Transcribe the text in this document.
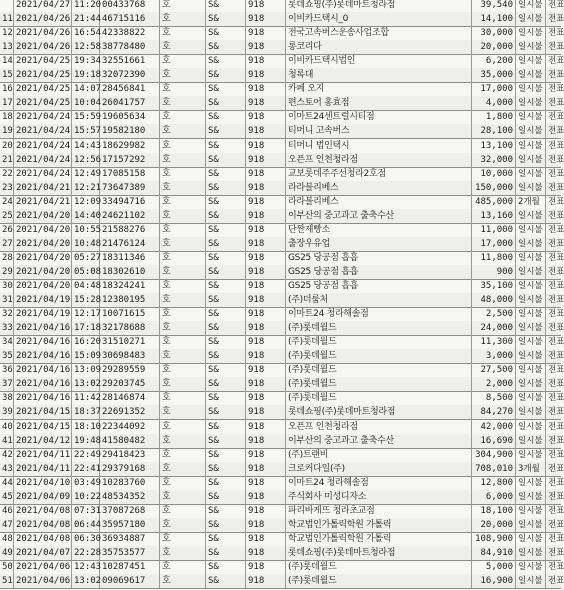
2021/04/27 11:20 00433768	호	S&	918	롯데쇼핑(주)롯데마트청라점	39,540 일시불 전표
11 2021/04/26 21:44 46715116	호	S&	918	이비카드택시_0	14,100 일시불 전표
12 2021/04/26 16:54 42338822	호	S&	918	전국고속버스운송사업조합	30,000 일시불 전표
13 2021/04/26 12:58 38778480	호	S&	918	롱코리다	20,000 일시불 전표
14 2021/04/25 19:34 32551661	호	S&	918	이비카드택시법인	6,200 일시불 전표
15 2021/04/25 19:18 32072390	호	S&	918	청록대	35,000 일시불 전표
16 2021/04/25 14:07 28456841	호	S&	918	카페 오지	17,000 일시불 전표
17 2021/04/25 10:04 26041757	호	S&	918	편스토어 홍효점	4,000 일시불 전표
18 2021/04/24 15:59 19605634	호	S&	918	이마트24센트럴시티점	1,800 일시불 전표
19 2021/04/24 15:57 19582180	호	S&	918	티머니 고속버스	28,100 일시불 전표
20 2021/04/24 14:43 18629982	호	S&	918	티머니 법인택시	13,100 일시불 전표
21 2021/04/24 12:56 17157292	호	S&	918	오픈프 인천청라점	32,000 일시불 전표
22 2021/04/24 12:49 17085158	호	S&	918	교보롯데주주선청라2호점	10,000 일시불 전표
23 2021/04/21 12:21 73647389	호	S&	918	라라블리베스	150,000 일시불 전표
24 2021/04/21 12:09 33494716	호	S&	918	라라블리베스	485,000 2개월 전표
25 2021/04/20 14:40 24621102	호	S&	918	이부산의 중고과고 출축수산	13,160 일시불 전표
26 2021/04/20 10:55 21588276	호	S&	918	단짠제빵소	11,000 일시불 전표
27 2021/04/20 10:48 21476124	호	S&	918	출장우유업	17,000 일시불 전표
28 2021/04/20 05:27 18311346	호	S&	918	GS25 당공점 흡흡	11,800 일시불 전표
29 2021/04/20 05:08 18302610	호	S&	918	GS25 당공점 흡흡	900 일시불 전표
30 2021/04/20 04:48 18324241	호	S&	918	GS25 당공점 흡흡	35,100 일시불 전표
31 2021/04/19 15:28 12380195	호	S&	918	(주)더룸처	48,000 일시불 전표
32 2021/04/19 12:17 10071615	호	S&	918	이마트24 청라해솔점	2,500 일시불 전표
33 2021/04/16 17:18 32178688	호	S&	918	(주)롯데월드	24,000 일시불 전표
34 2021/04/16 16:20 31510271	호	S&	918	(주)롯데월드	11,300 일시불 전표
35 2021/04/16 15:09 30698483	호	S&	918	(주)롯데월드	3,000 일시불 전표
36 2021/04/16 13:09 29289559	호	S&	918	(주)롯데월드	27,500 일시불 전표
37 2021/04/16 13:02 29203745	호	S&	918	(주)롯데월드	2,000 일시불 전표
38 2021/04/16 11:42 28146874	호	S&	918	(주)롯데월드	8,500 일시불 전표
39 2021/04/15 18:37 22691352	호	S&	918	롯데쇼핑(주)롯데마트청라점	84,270 일시불 전표
40 2021/04/15 18:10 22344092	호	S&	918	오픈프 인천청라점	42,000 일시불 전표
41 2021/04/12 19:48 41580482	호	S&	918	이부산의 중고과고 출축수산	16,690 일시불 전표
42 2021/04/11 22:49 29418423	호	S&	918	(주)트랜비	304,900 일시불 전표
43 2021/04/11 22:41 29379168	호	S&	918	크로커다일(주)	708,010 3개월 전표
44 2021/04/10 03:49 10283760	호	S&	918	이마트24 청라해솔점	12,800 일시불 전표
45 2021/04/09 10:22 48534352	호	S&	918	주식회사 미성디자소	6,000 일시불 전표
46 2021/04/08 07:31 37087268	호	S&	918	파리바게뜨 청라초교점	18,100 일시불 전표
47 2021/04/08 06:44 35957180	호	S&	918	학교법인가톨릭학원 가톨릭	20,000 일시불 전표
48 2021/04/08 06:30 36934887	호	S&	918	학교법인가톨릭학원 가톨릭	108,900 일시불 전표
49 2021/04/07 22:28 35753577	호	S&	918	롯데쇼핑(주)롯데마트청라점	84,910 일시불 전표
50 2021/04/06 12:43 10287451	호	S&	918	(주)롯데월드	5,000 일시불 전표
51 2021/04/06 13:02 09069617	호	S&	918	(주)롯데월드	16,900 일시불 전표
